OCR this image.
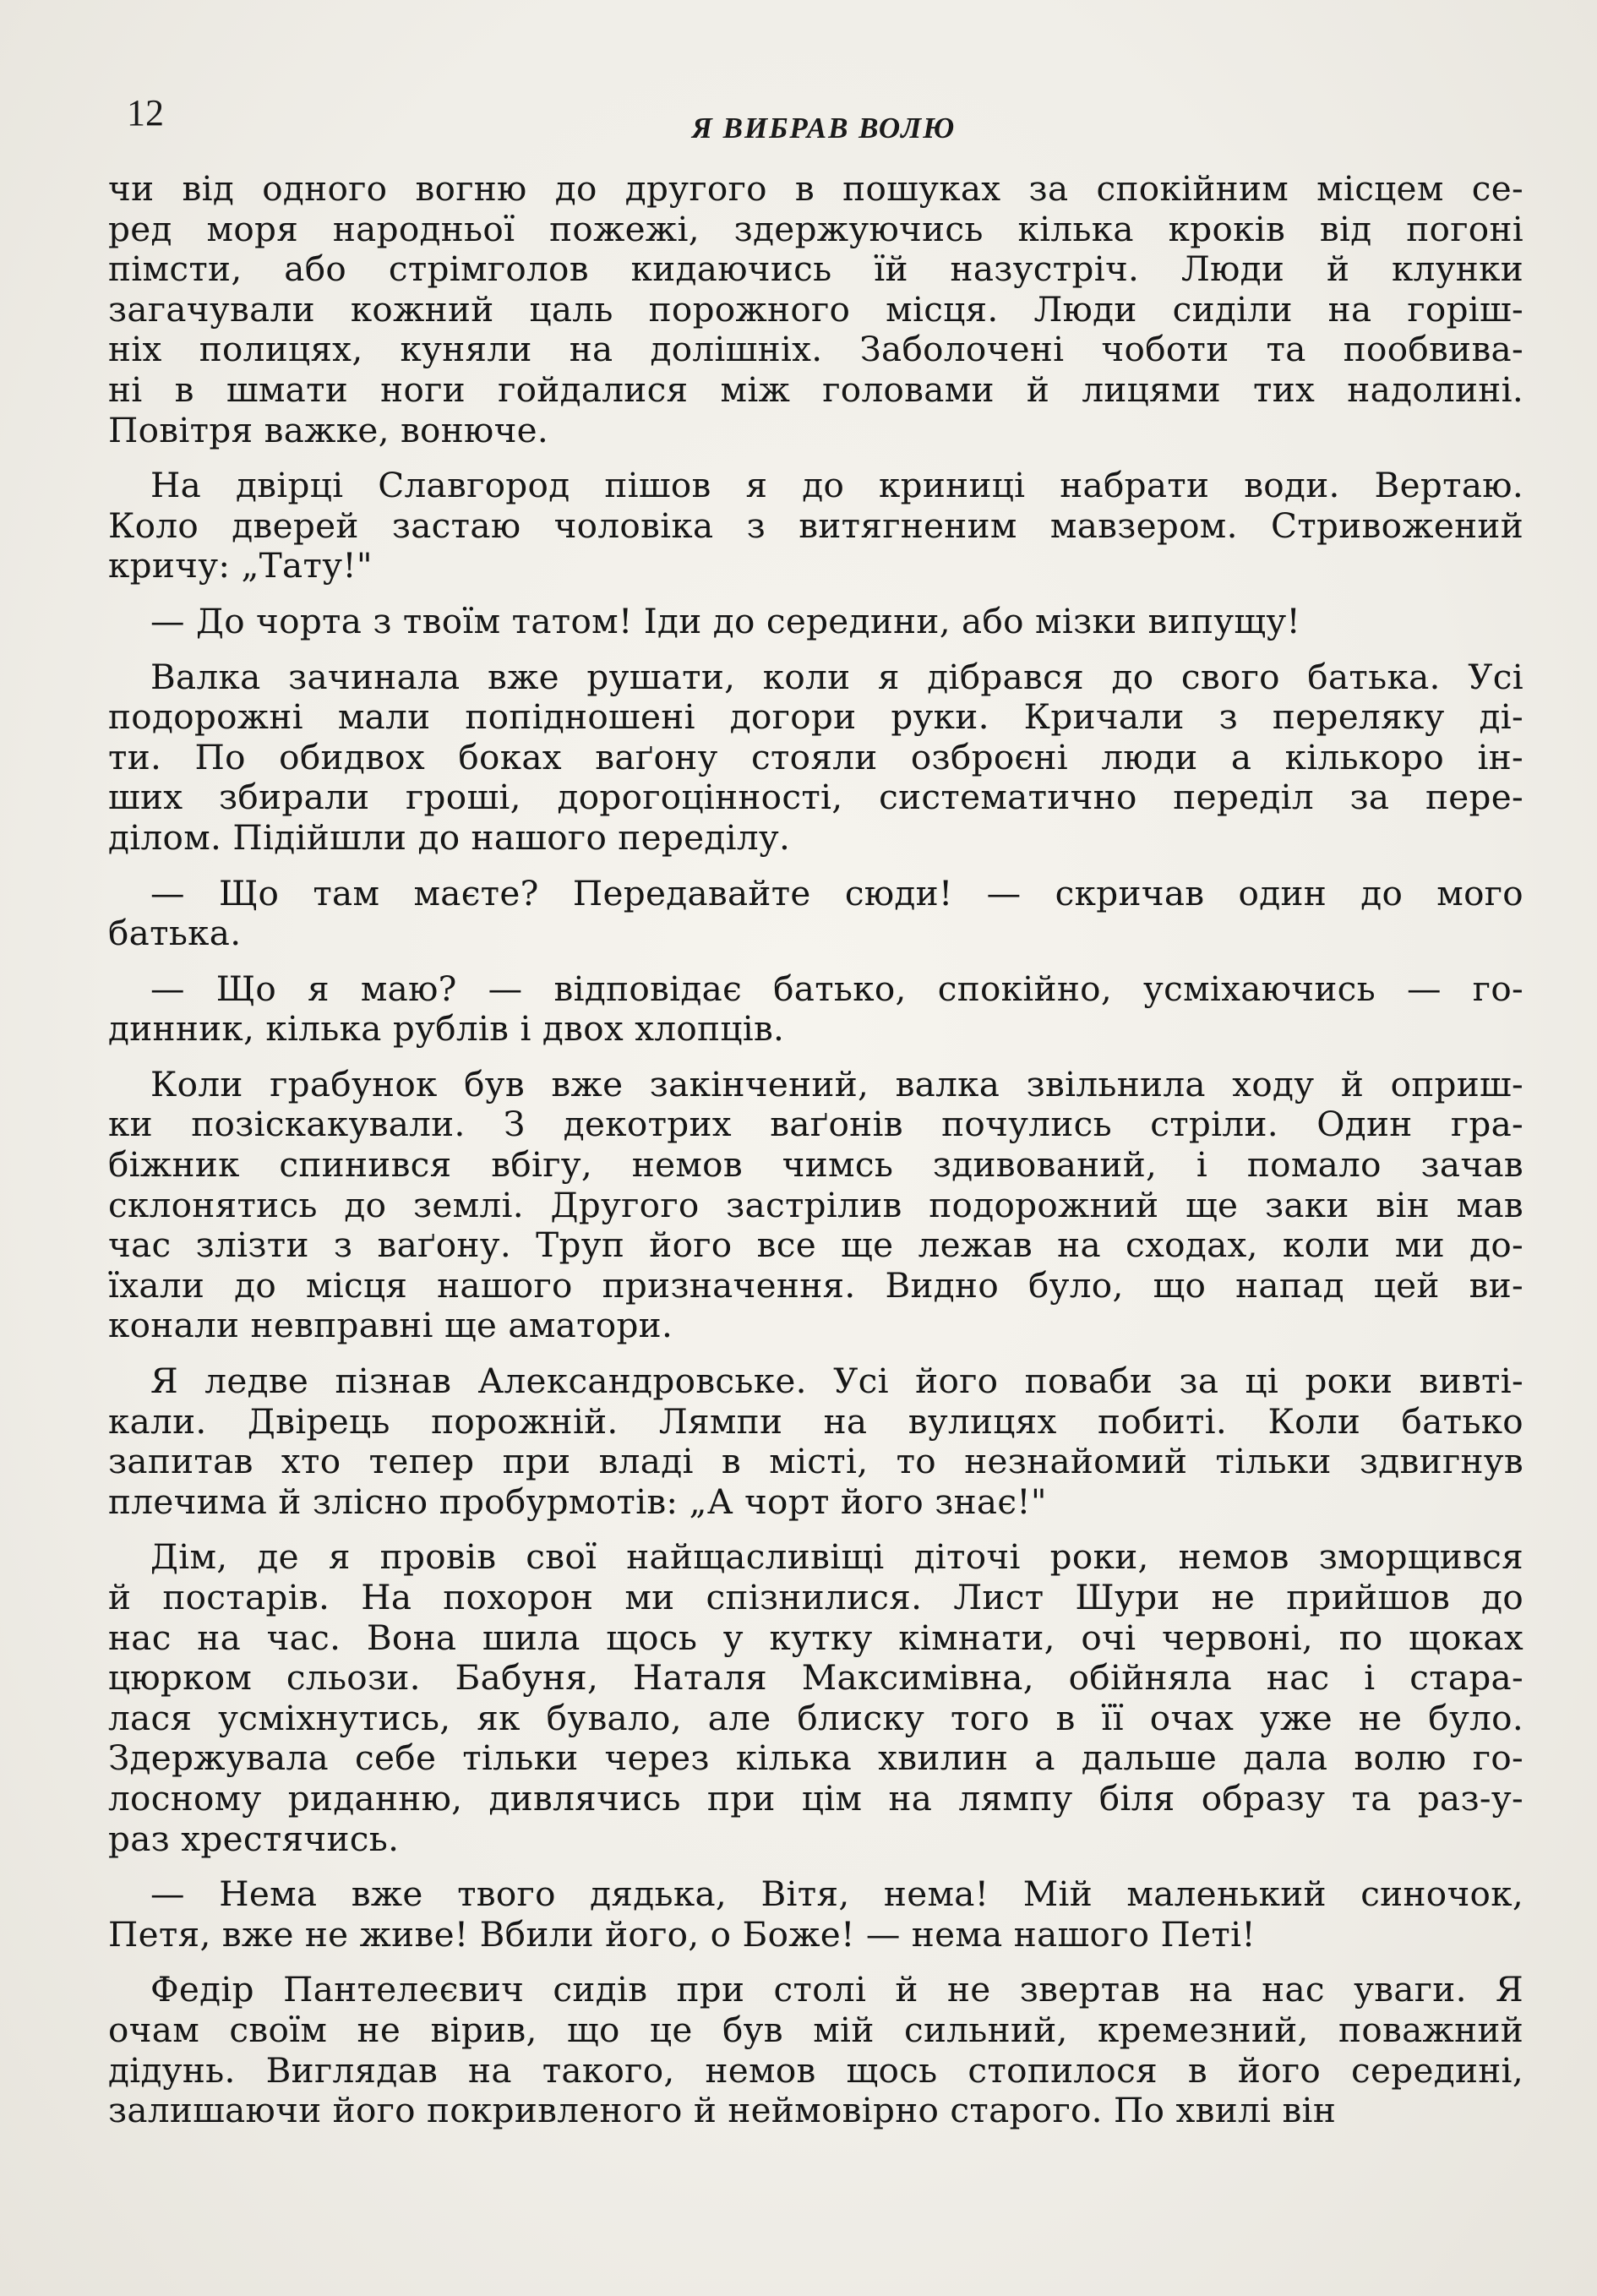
12	Я ВИБРАВ ВОЛЮ
чи від одного вогню до другого в пошуках за спокійним місцем се-
ред моря народньої пожежі, здержуючись кілька кроків від погоні
пімсти, або стрімголов кидаючись їй назустріч. Люди й клунки
загачували кожний цаль порожного місця. Люди сиділи на горіш-
ніх полицях, куняли на долішніх. Заболочені чоботи та пообвива-
ні в шмати ноги гойдалися між головами й лицями тих надолині.
Повітря важке, вонюче.
На двірці Славгород пішов я до криниці набрати води. Вертаю.
Коло дверей застаю чоловіка з витягненим мавзером. Стривожений
кричу: „Тату!"
— До чорта з твоїм татом! Іди до середини, або мізки випущу!
Валка зачинала вже рушати, коли я дібрався до свого батька. Усі
подорожні мали попідношені догори руки. Кричали з переляку ді-
ти. По обидвох боках ваґону стояли озброєні люди а кількоро ін-
ших збирали гроші, дорогоцінності, систематично переділ за пере-
ділом. Підійшли до нашого переділу.
— Що там маєте? Передавайте сюди! — скричав один до мого
батька.
— Що я маю? — відповідає батько, спокійно, усміхаючись — го-
динник, кілька рублів і двох хлопців.
Коли грабунок був вже закінчений, валка звільнила ходу й оприш-
ки позіскакували. З декотрих ваґонів почулись стріли. Один гра-
біжник спинився вбігу, немов чимсь здивований, і помало зачав
склонятись до землі. Другого застрілив подорожний ще заки він мав
час злізти з ваґону. Труп його все ще лежав на сходах, коли ми до-
їхали до місця нашого призначення. Видно було, що напад цей ви-
конали невправні ще аматори.
Я ледве пізнав Александровське. Усі його поваби за ці роки вивті-
кали. Двірець порожній. Лямпи на вулицях побиті. Коли батько
запитав хто тепер при владі в місті, то незнайомий тільки здвигнув
плечима й злісно пробурмотів: „А чорт його знає!"
Дім, де я провів свої найщасливіщі діточі роки, немов зморщився
й постарів. На похорон ми спізнилися. Лист Шури не прийшов до
нас на час. Вона шила щось у кутку кімнати, очі червоні, по щоках
цюрком сльози. Бабуня, Наталя Максимівна, обійняла нас і стара-
лася усміхнутись, як бувало, але блиску того в її очах уже не було.
Здержувала себе тільки через кілька хвилин а дальше дала волю го-
лосному риданню, дивлячись при цім на лямпу біля образу та раз-у-
раз хрестячись.
— Нема вже твого дядька, Вітя, нема! Мій маленький синочок,
Петя, вже не живе! Вбили його, о Боже! — нема нашого Петі!
Федір Пантелеєвич сидів при столі й не звертав на нас уваги. Я
очам своїм не вірив, що це був мій сильний, кремезний, поважний
дідунь. Виглядав на такого, немов щось стопилося в його середині,
залишаючи його покривленого й неймовірно старого. По хвилі він
